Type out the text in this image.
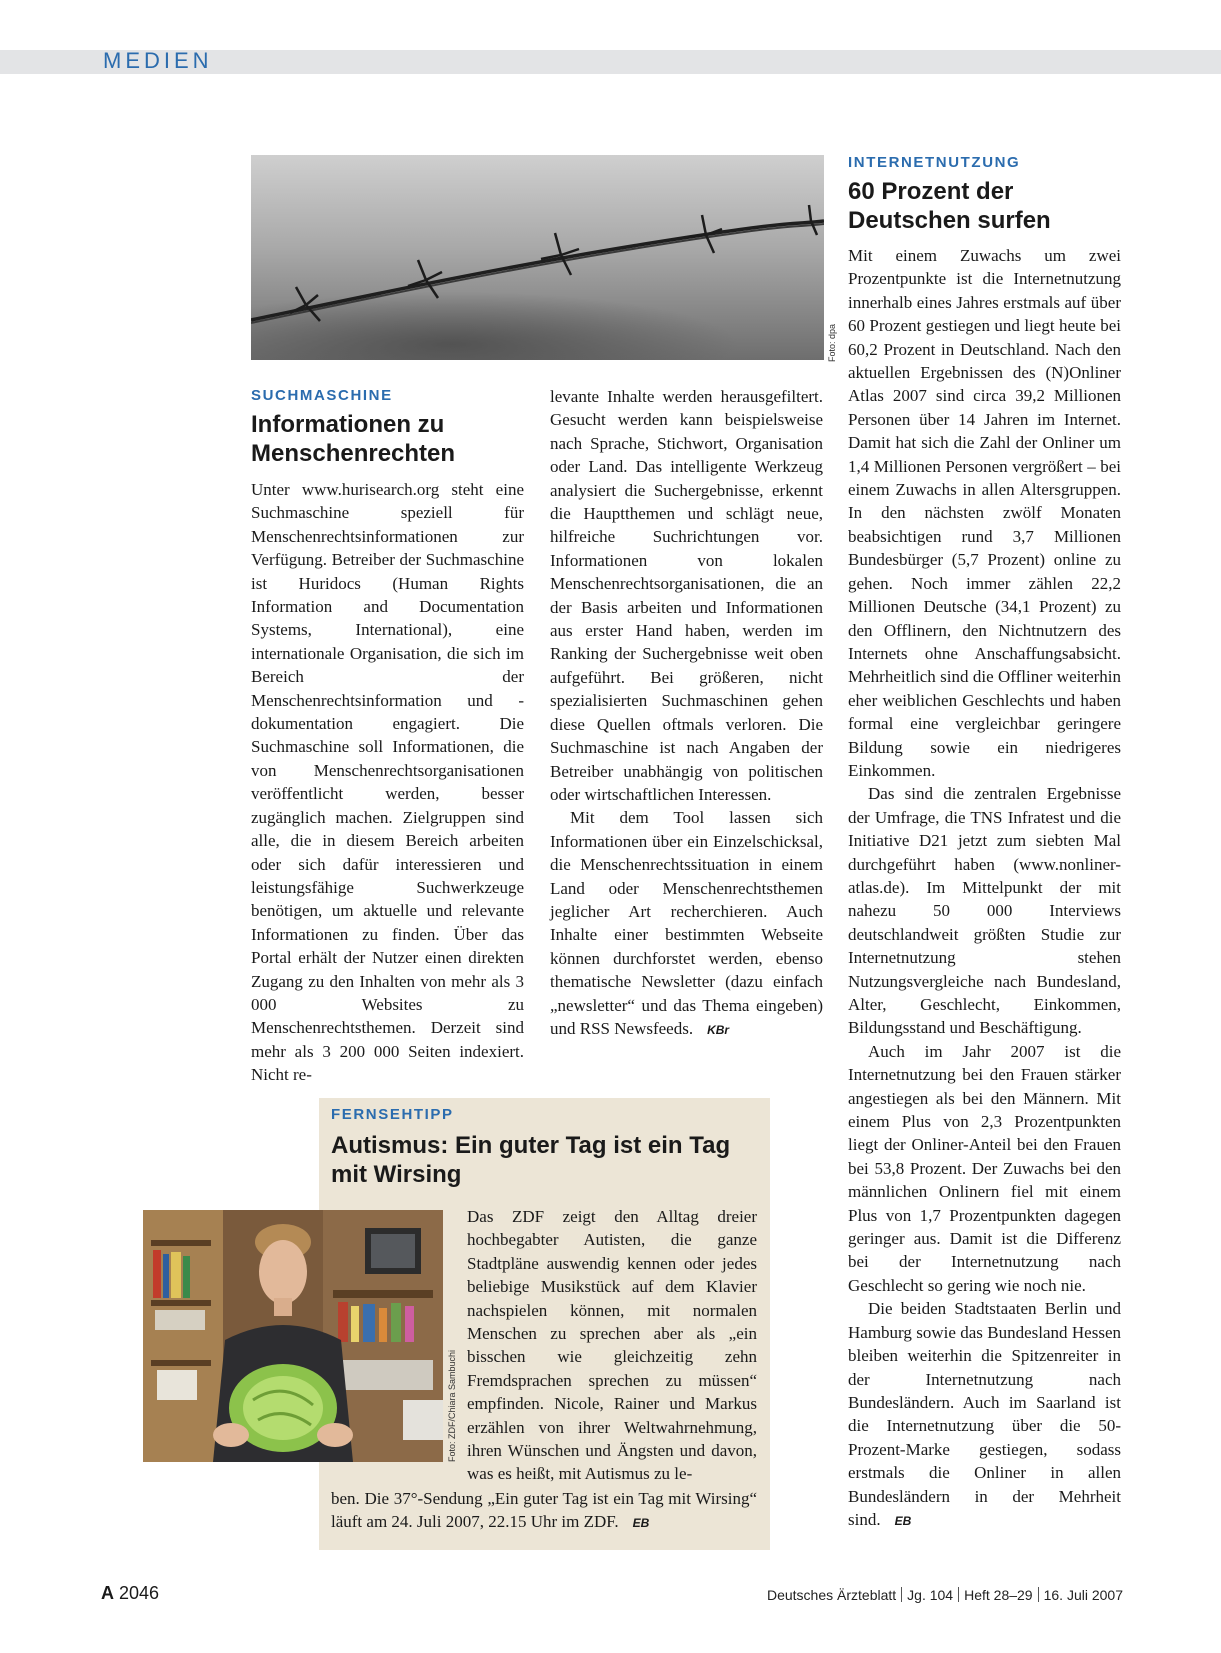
MEDIEN
Foto: dpa
SUCHMASCHINE
Informationen zu Menschenrechten

Unter www.hurisearch.org steht eine Suchmaschine speziell für Menschenrechtsinformationen zur Verfügung. Betreiber der Suchmaschine ist Huridocs (Human Rights Information and Documentation Systems, International), eine internationale Organisation, die sich im Bereich der Menschenrechtsinformation und -dokumentation engagiert. Die Suchmaschine soll Informationen, die von Menschenrechtsorganisationen veröffentlicht werden, besser zugänglich machen. Zielgruppen sind alle, die in diesem Bereich arbeiten oder sich dafür interessieren und leistungsfähige Suchwerkzeuge benötigen, um aktuelle und relevante Informationen zu finden. Über das Portal erhält der Nutzer einen direkten Zugang zu den Inhalten von mehr als 3 000 Websites zu Menschenrechtsthemen. Derzeit sind mehr als 3 200 000 Seiten indexiert. Nicht re-

levante Inhalte werden herausgefiltert. Gesucht werden kann beispielsweise nach Sprache, Stichwort, Organisation oder Land. Das intelligente Werkzeug analysiert die Suchergebnisse, erkennt die Hauptthemen und schlägt neue, hilfreiche Suchrichtungen vor. Informationen von lokalen Menschenrechtsorganisationen, die an der Basis arbeiten und Informationen aus erster Hand haben, werden im Ranking der Suchergebnisse weit oben aufgeführt. Bei größeren, nicht spezialisierten Suchmaschinen gehen diese Quellen oftmals verloren. Die Suchmaschine ist nach Angaben der Betreiber unabhängig von politischen oder wirtschaftlichen Interessen.

Mit dem Tool lassen sich Informationen über ein Einzelschicksal, die Menschenrechtssituation in einem Land oder Menschenrechtsthemen jeglicher Art recherchieren. Auch Inhalte einer bestimmten Webseite können durchforstet werden, ebenso thematische Newsletter (dazu einfach „newsletter“ und das Thema eingeben) und RSS Newsfeeds. KBr

FERNSEHTIPP
Autismus: Ein guter Tag ist ein Tag mit Wirsing
Foto: ZDF/Chiara Sambuchi

Das ZDF zeigt den Alltag dreier hochbegabter Autisten, die ganze Stadtpläne auswendig kennen oder jedes beliebige Musikstück auf dem Klavier nachspielen können, mit normalen Menschen zu sprechen aber als „ein bisschen wie gleichzeitig zehn Fremdsprachen sprechen zu müssen“ empfinden. Nicole, Rainer und Markus erzählen von ihrer Weltwahrnehmung, ihren Wünschen und Ängsten und davon, was es heißt, mit Autismus zu le-

ben. Die 37°-Sendung „Ein guter Tag ist ein Tag mit Wirsing“ läuft am 24. Juli 2007, 22.15 Uhr im ZDF. EB

INTERNETNUTZUNG
60 Prozent der Deutschen surfen

Mit einem Zuwachs um zwei Prozentpunkte ist die Internetnutzung innerhalb eines Jahres erstmals auf über 60 Prozent gestiegen und liegt heute bei 60,2 Prozent in Deutschland. Nach den aktuellen Ergebnissen des (N)Onliner Atlas 2007 sind circa 39,2 Millionen Personen über 14 Jahren im Internet. Damit hat sich die Zahl der Onliner um 1,4 Millionen Personen vergrößert – bei einem Zuwachs in allen Altersgruppen. In den nächsten zwölf Monaten beabsichtigen rund 3,7 Millionen Bundesbürger (5,7 Prozent) online zu gehen. Noch immer zählen 22,2 Millionen Deutsche (34,1 Prozent) zu den Offlinern, den Nichtnutzern des Internets ohne Anschaffungsabsicht. Mehrheitlich sind die Offliner weiterhin eher weiblichen Geschlechts und haben formal eine vergleichbar geringere Bildung sowie ein niedrigeres Einkommen.

Das sind die zentralen Ergebnisse der Umfrage, die TNS Infratest und die Initiative D21 jetzt zum siebten Mal durchgeführt haben (www.nonliner-atlas.de). Im Mittelpunkt der mit nahezu 50 000 Interviews deutschlandweit größten Studie zur Internetnutzung stehen Nutzungsvergleiche nach Bundesland, Alter, Geschlecht, Einkommen, Bildungsstand und Beschäftigung.

Auch im Jahr 2007 ist die Internetnutzung bei den Frauen stärker angestiegen als bei den Männern. Mit einem Plus von 2,3 Prozentpunkten liegt der Onliner-Anteil bei den Frauen bei 53,8 Prozent. Der Zuwachs bei den männlichen Onlinern fiel mit einem Plus von 1,7 Prozentpunkten dagegen geringer aus. Damit ist die Differenz bei der Internetnutzung nach Geschlecht so gering wie noch nie.

Die beiden Stadtstaaten Berlin und Hamburg sowie das Bundesland Hessen bleiben weiterhin die Spitzenreiter in der Internetnutzung nach Bundesländern. Auch im Saarland ist die Internetnutzung über die 50-Prozent-Marke gestiegen, sodass erstmals die Onliner in allen Bundesländern in der Mehrheit sind. EB

A 2046	Deutsches Ärzteblatt Jg. 104 Heft 28–29 16. Juli 2007
